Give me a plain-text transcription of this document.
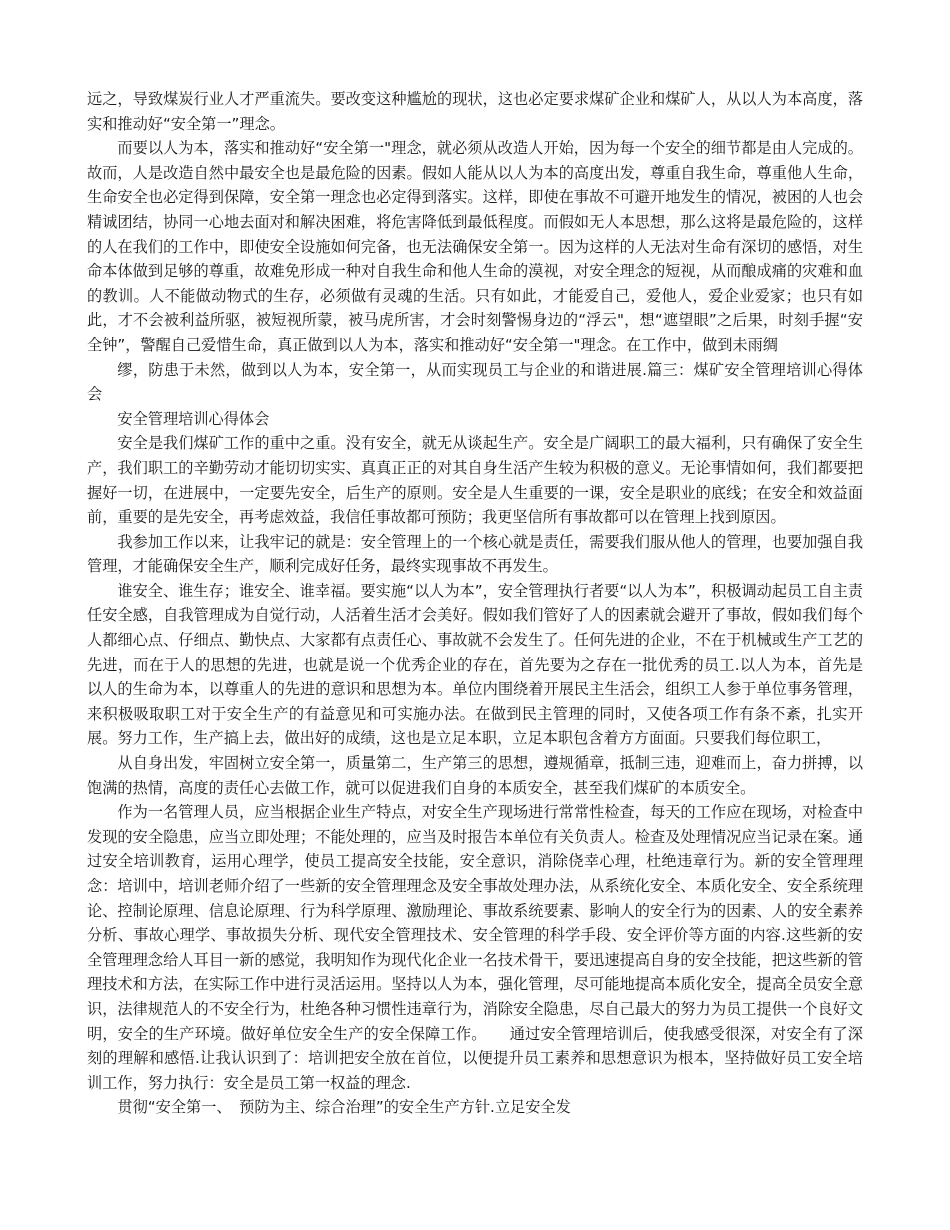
远之，导致煤炭行业人才严重流失。要改变这种尴尬的现状，这也必定要求煤矿企业和煤矿人，从以人为本高度，落实和推动好“安全第一”理念。

而要以人为本，落实和推动好“安全第一"理念，就必须从改造人开始，因为每一个安全的细节都是由人完成的。故而，人是改造自然中最安全也是最危险的因素。假如人能从以人为本的高度出发，尊重自我生命，尊重他人生命，生命安全也必定得到保障，安全第一理念也必定得到落实。这样，即使在事故不可避开地发生的情况，被困的人也会精诚团结，协同一心地去面对和解决困难，将危害降低到最低程度。而假如无人本思想，那么这将是最危险的，这样的人在我们的工作中，即使安全设施如何完备，也无法确保安全第一。因为这样的人无法对生命有深切的感悟，对生命本体做到足够的尊重，故难免形成一种对自我生命和他人生命的漠视，对安全理念的短视，从而酿成痛的灾难和血的教训。人不能做动物式的生存，必须做有灵魂的生活。只有如此，才能爱自己，爱他人，爱企业爱家；也只有如此，才不会被利益所驱，被短视所蒙，被马虎所害，才会时刻警惕身边的“浮云"，想“遮望眼”之后果，时刻手握“安全钟”，警醒自己爱惜生命，真正做到以人为本，落实和推动好“安全第一"理念。在工作中，做到未雨绸

缪，防患于未然，做到以人为本，安全第一，从而实现员工与企业的和谐进展.篇三：煤矿安全管理培训心得体会

安全管理培训心得体会

安全是我们煤矿工作的重中之重。没有安全，就无从谈起生产。安全是广阔职工的最大福利，只有确保了安全生产，我们职工的辛勤劳动才能切切实实、真真正正的对其自身生活产生较为积极的意义。无论事情如何，我们都要把握好一切，在进展中，一定要先安全，后生产的原则。安全是人生重要的一课，安全是职业的底线；在安全和效益面前，重要的是先安全，再考虑效益，我信任事故都可预防；我更坚信所有事故都可以在管理上找到原因。

我参加工作以来，让我牢记的就是：安全管理上的一个核心就是责任，需要我们服从他人的管理，也要加强自我管理，才能确保安全生产，顺利完成好任务，最终实现事故不再发生。

谁安全、谁生存；谁安全、谁幸福。要实施“以人为本”，安全管理执行者要“以人为本”，积极调动起员工自主责任安全感，自我管理成为自觉行动，人活着生活才会美好。假如我们管好了人的因素就会避开了事故，假如我们每个人都细心点、仔细点、勤快点、大家都有点责任心、事故就不会发生了。任何先进的企业，不在于机械或生产工艺的先进，而在于人的思想的先进，也就是说一个优秀企业的存在，首先要为之存在一批优秀的员工.以人为本，首先是以人的生命为本，以尊重人的先进的意识和思想为本。单位内围绕着开展民主生活会，组织工人参于单位事务管理，来积极吸取职工对于安全生产的有益意见和可实施办法。在做到民主管理的同时，又使各项工作有条不紊，扎实开展。努力工作，生产搞上去，做出好的成绩，这也是立足本职，立足本职包含着方方面面。只要我们每位职工，

从自身出发，牢固树立安全第一，质量第二，生产第三的思想，遵规循章，抵制三违，迎难而上，奋力拼搏，以饱满的热情，高度的责任心去做工作，就可以促进我们自身的本质安全，甚至我们煤矿的本质安全。

作为一名管理人员，应当根据企业生产特点，对安全生产现场进行常常性检查，每天的工作应在现场，对检查中发现的安全隐患，应当立即处理；不能处理的，应当及时报告本单位有关负责人。检查及处理情况应当记录在案。通过安全培训教育，运用心理学，使员工提高安全技能，安全意识，消除侥幸心理，杜绝违章行为。新的安全管理理念：培训中，培训老师介绍了一些新的安全管理理念及安全事故处理办法，从系统化安全、本质化安全、安全系统理论、控制论原理、信息论原理、行为科学原理、激励理论、事故系统要素、影响人的安全行为的因素、人的安全素养分析、事故心理学、事故损失分析、现代安全管理技术、安全管理的科学手段、安全评价等方面的内容.这些新的安全管理理念给人耳目一新的感觉，我明知作为现代化企业一名技术骨干，要迅速提高自身的安全技能，把这些新的管理技术和方法，在实际工作中进行灵活运用。坚持以人为本，强化管理，尽可能地提高本质化安全，提高全员安全意识，法律规范人的不安全行为，杜绝各种习惯性违章行为，消除安全隐患，尽自己最大的努力为员工提供一个良好文明，安全的生产环境。做好单位安全生产的安全保障工作。　　通过安全管理培训后，使我感受很深，对安全有了深刻的理解和感悟.让我认识到了：培训把安全放在首位，以便提升员工素养和思想意识为根本，坚持做好员工安全培训工作，努力执行：安全是员工第一权益的理念.

贯彻“安全第一、　预防为主、综合治理”的安全生产方针.立足安全发
